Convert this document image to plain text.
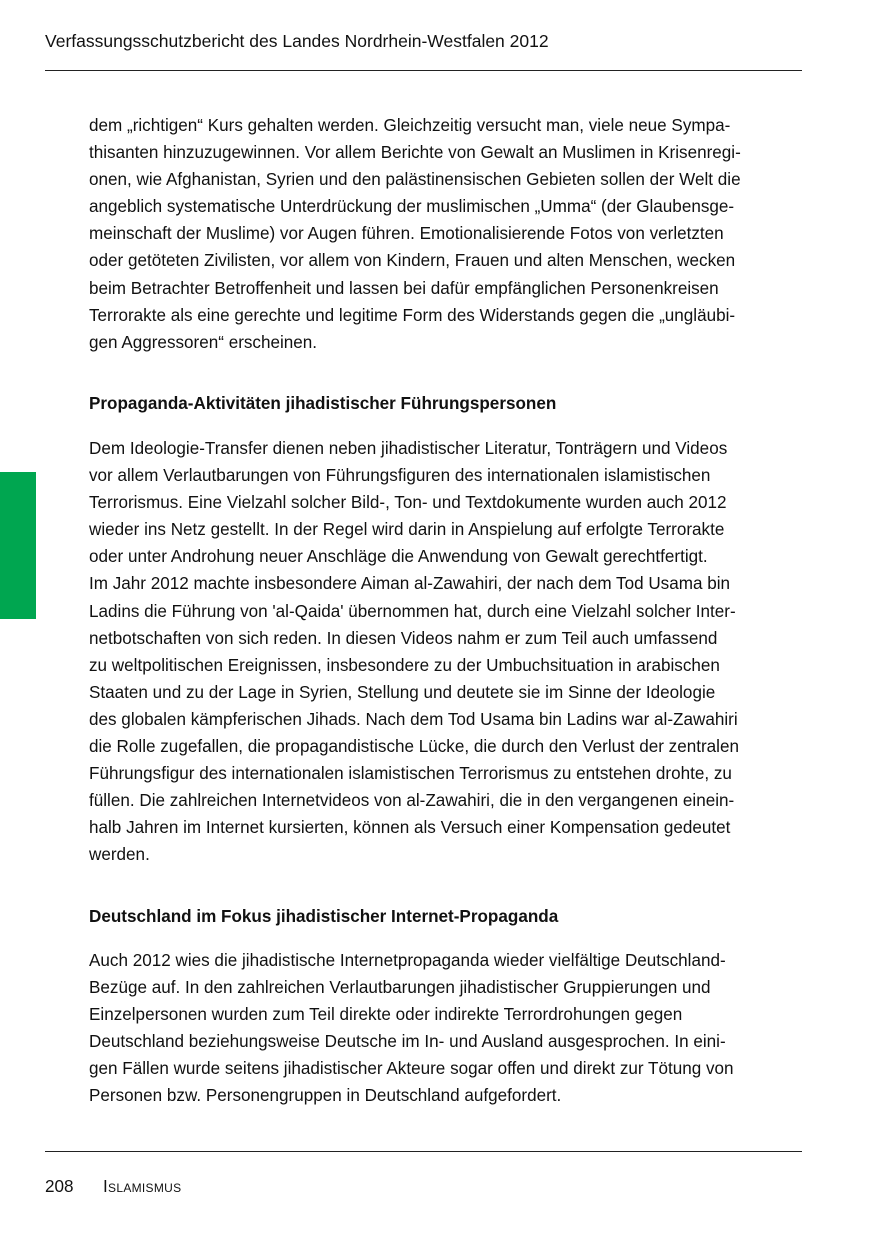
Verfassungsschutzbericht des Landes Nordrhein-Westfalen 2012
dem „richtigen“ Kurs gehalten werden. Gleichzeitig versucht man, viele neue Sympa-
thisanten hinzuzugewinnen. Vor allem Berichte von Gewalt an Muslimen in Krisenregi-
onen, wie Afghanistan, Syrien und den palästinensischen Gebieten sollen der Welt die
angeblich systematische Unterdrückung der muslimischen „Umma“ (der Glaubensge-
meinschaft der Muslime) vor Augen führen. Emotionalisierende Fotos von verletzten
oder getöteten Zivilisten, vor allem von Kindern, Frauen und alten Menschen, wecken
beim Betrachter Betroffenheit und lassen bei dafür empfänglichen Personenkreisen
Terrorakte als eine gerechte und legitime Form des Widerstands gegen die „ungläubi-
gen Aggressoren“ erscheinen.
Propaganda-Aktivitäten jihadistischer Führungspersonen
Dem Ideologie-Transfer dienen neben jihadistischer Literatur, Tonträgern und Videos
vor allem Verlautbarungen von Führungsfiguren des internationalen islamistischen
Terrorismus. Eine Vielzahl solcher Bild-, Ton- und Textdokumente wurden auch 2012
wieder ins Netz gestellt. In der Regel wird darin in Anspielung auf erfolgte Terrorakte
oder unter Androhung neuer Anschläge die Anwendung von Gewalt gerechtfertigt.
Im Jahr 2012 machte insbesondere Aiman al-Zawahiri, der nach dem Tod Usama bin
Ladins die Führung von 'al-Qaida' übernommen hat, durch eine Vielzahl solcher Inter-
netbotschaften von sich reden. In diesen Videos nahm er zum Teil auch umfassend
zu weltpolitischen Ereignissen, insbesondere zu der Umbuchsituation in arabischen
Staaten und zu der Lage in Syrien, Stellung und deutete sie im Sinne der Ideologie
des globalen kämpferischen Jihads. Nach dem Tod Usama bin Ladins war al-Zawahiri
die Rolle zugefallen, die propagandistische Lücke, die durch den Verlust der zentralen
Führungsfigur des internationalen islamistischen Terrorismus zu entstehen drohte, zu
füllen. Die zahlreichen Internetvideos von al-Zawahiri, die in den vergangenen einein-
halb Jahren im Internet kursierten, können als Versuch einer Kompensation gedeutet
werden.
Deutschland im Fokus jihadistischer Internet-Propaganda
Auch 2012 wies die jihadistische Internetpropaganda wieder vielfältige Deutschland-
Bezüge auf. In den zahlreichen Verlautbarungen jihadistischer Gruppierungen und
Einzelpersonen wurden zum Teil direkte oder indirekte Terrordrohungen gegen
Deutschland beziehungsweise Deutsche im In- und Ausland ausgesprochen. In eini-
gen Fällen wurde seitens jihadistischer Akteure sogar offen und direkt zur Tötung von
Personen bzw. Personengruppen in Deutschland aufgefordert.
208 Islamismus
